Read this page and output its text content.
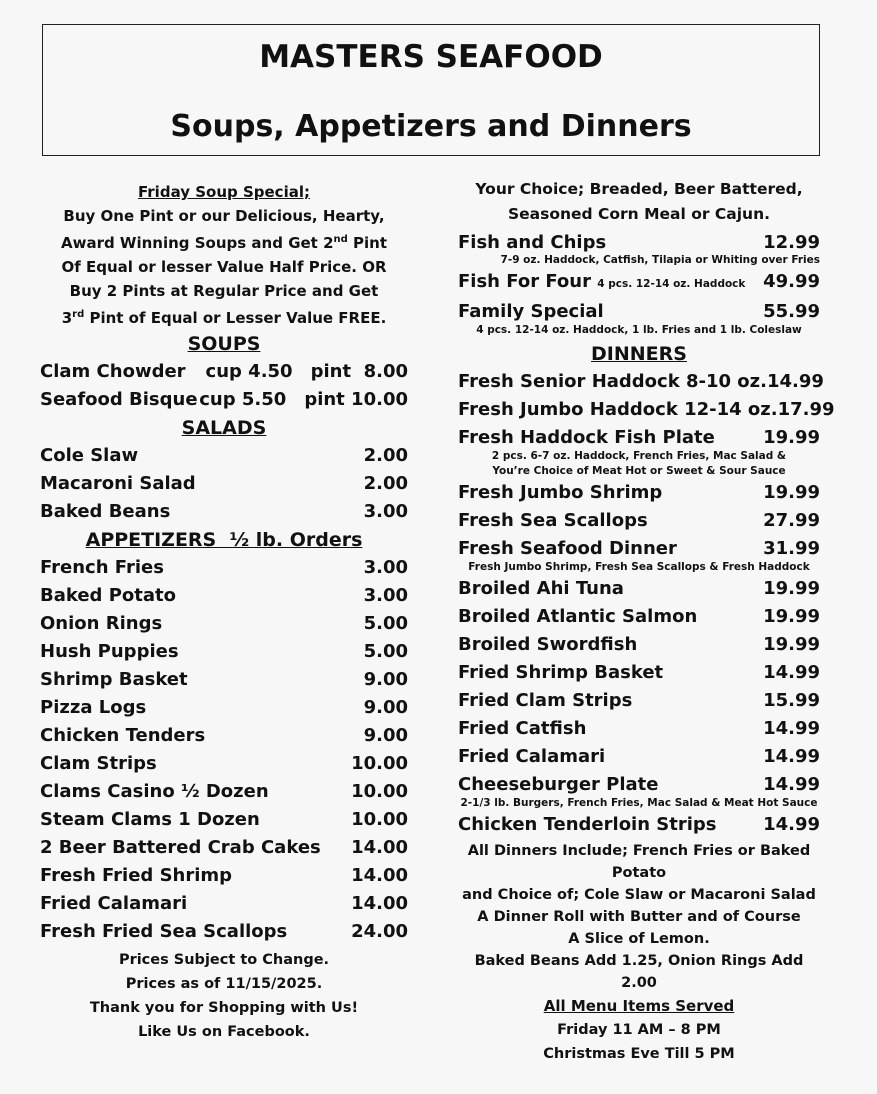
MASTERS SEAFOOD
Soups, Appetizers and Dinners
Friday Soup Special;
Buy One Pint or our Delicious, Hearty,
Award Winning Soups and Get 2nd Pint
Of Equal or lesser Value Half Price. OR
Buy 2 Pints at Regular Price and Get
3rd Pint of Equal or Lesser Value FREE.
SOUPS
Clam Chowder cup 4.50 pint  8.00
Seafood Bisque cup 5.50 pint 10.00
SALADS
Cole Slaw	2.00
Macaroni Salad	2.00
Baked Beans	3.00
APPETIZERS  ½ lb. Orders
French Fries	3.00
Baked Potato	3.00
Onion Rings	5.00
Hush Puppies	5.00
Shrimp Basket	9.00
Pizza Logs	9.00
Chicken Tenders	9.00
Clam Strips	10.00
Clams Casino ½ Dozen	10.00
Steam Clams 1 Dozen	10.00
2 Beer Battered Crab Cakes 14.00
Fresh Fried Shrimp	14.00
Fried Calamari	14.00
Fresh Fried Sea Scallops	24.00
Prices Subject to Change.
Prices as of 11/15/2025.
Thank you for Shopping with Us!
Like Us on Facebook.
Your Choice; Breaded, Beer Battered,
Seasoned Corn Meal or Cajun.
Fish and Chips	12.99
7-9 oz. Haddock, Catfish, Tilapia or Whiting over Fries
Fish For Four 4 pcs. 12-14 oz. Haddock 49.99
Family Special	55.99
4 pcs. 12-14 oz. Haddock, 1 lb. Fries and 1 lb. Coleslaw
DINNERS
Fresh Senior Haddock 8-10 oz. 14.99
Fresh Jumbo Haddock 12-14 oz. 17.99
Fresh Haddock Fish Plate	19.99
2 pcs. 6-7 oz. Haddock, French Fries, Mac Salad &
You’re Choice of Meat Hot or Sweet & Sour Sauce
Fresh Jumbo Shrimp	19.99
Fresh Sea Scallops	27.99
Fresh Seafood Dinner	31.99
Fresh Jumbo Shrimp, Fresh Sea Scallops & Fresh Haddock
Broiled Ahi Tuna	19.99
Broiled Atlantic Salmon	19.99
Broiled Swordfish	19.99
Fried Shrimp Basket	14.99
Fried Clam Strips	15.99
Fried Catfish	14.99
Fried Calamari	14.99
Cheeseburger Plate	14.99
2-1/3 lb. Burgers, French Fries, Mac Salad & Meat Hot Sauce
Chicken Tenderloin Strips	14.99
All Dinners Include; French Fries or Baked Potato
and Choice of; Cole Slaw or Macaroni Salad
A Dinner Roll with Butter and of Course
A Slice of Lemon.
Baked Beans Add 1.25, Onion Rings Add 2.00
All Menu Items Served
Friday 11 AM – 8 PM
Christmas Eve Till 5 PM
